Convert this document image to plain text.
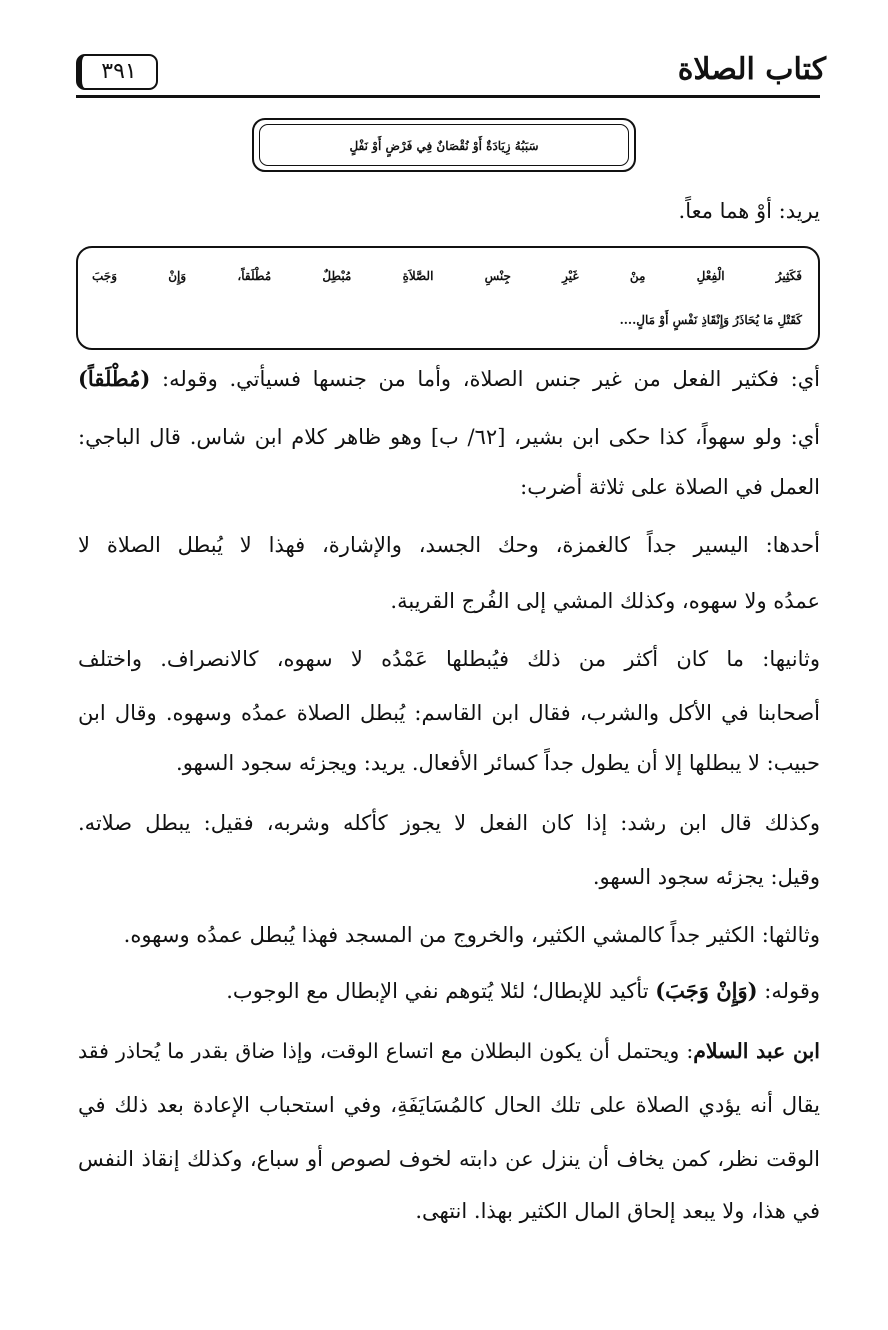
كتاب الصلاة
٣٩١
سَبَبُهُ زِيَادَةٌ أَوْ نُقْصَانٌ فِي فَرْضٍ أَوْ نَفْلٍ
يريد: أوْ هما معاً.
فَكَثِيرُ الْفِعْلِ مِنْ غَيْرِ جِنْسِ الصَّلاَةِ مُبْطِلٌ مُطْلَقاً، وَإِنْ وَجَبَ
كَقَتْلِ مَا يُحَاذَرُ وَإِنْقَاذِ نَفْسٍ أَوْ مَالٍ....
أي: فكثير الفعل من غير جنس الصلاة، وأما من جنسها فسيأتي. وقوله: (مُطْلَقاً)
أي: ولو سهواً، كذا حكى ابن بشير، [٦٢/ ب] وهو ظاهر كلام ابن شاس. قال الباجي:
العمل في الصلاة على ثلاثة أضرب:
أحدها: اليسير جداً كالغمزة، وحك الجسد، والإشارة، فهذا لا يُبطل الصلاة لا
عمدُه ولا سهوه، وكذلك المشي إلى الفُرج القريبة.
وثانيها: ما كان أكثر من ذلك فيُبطلها عَمْدُه لا سهوه، كالانصراف. واختلف
أصحابنا في الأكل والشرب، فقال ابن القاسم: يُبطل الصلاة عمدُه وسهوه. وقال ابن
حبيب: لا يبطلها إلا أن يطول جداً كسائر الأفعال. يريد: ويجزئه سجود السهو.
وكذلك قال ابن رشد: إذا كان الفعل لا يجوز كأكله وشربه، فقيل: يبطل صلاته.
وقيل: يجزئه سجود السهو.
وثالثها: الكثير جداً كالمشي الكثير، والخروج من المسجد فهذا يُبطل عمدُه وسهوه.
وقوله: (وَإِنْ وَجَبَ) تأكيد للإبطال؛ لئلا يُتوهم نفي الإبطال مع الوجوب.
ابن عبد السلام: ويحتمل أن يكون البطلان مع اتساع الوقت، وإذا ضاق بقدر ما يُحاذر فقد
يقال أنه يؤدي الصلاة على تلك الحال كالمُسَايَفَةِ، وفي استحباب الإعادة بعد ذلك في
الوقت نظر، كمن يخاف أن ينزل عن دابته لخوف لصوص أو سباع، وكذلك إنقاذ النفس
في هذا، ولا يبعد إلحاق المال الكثير بهذا. انتهى.
